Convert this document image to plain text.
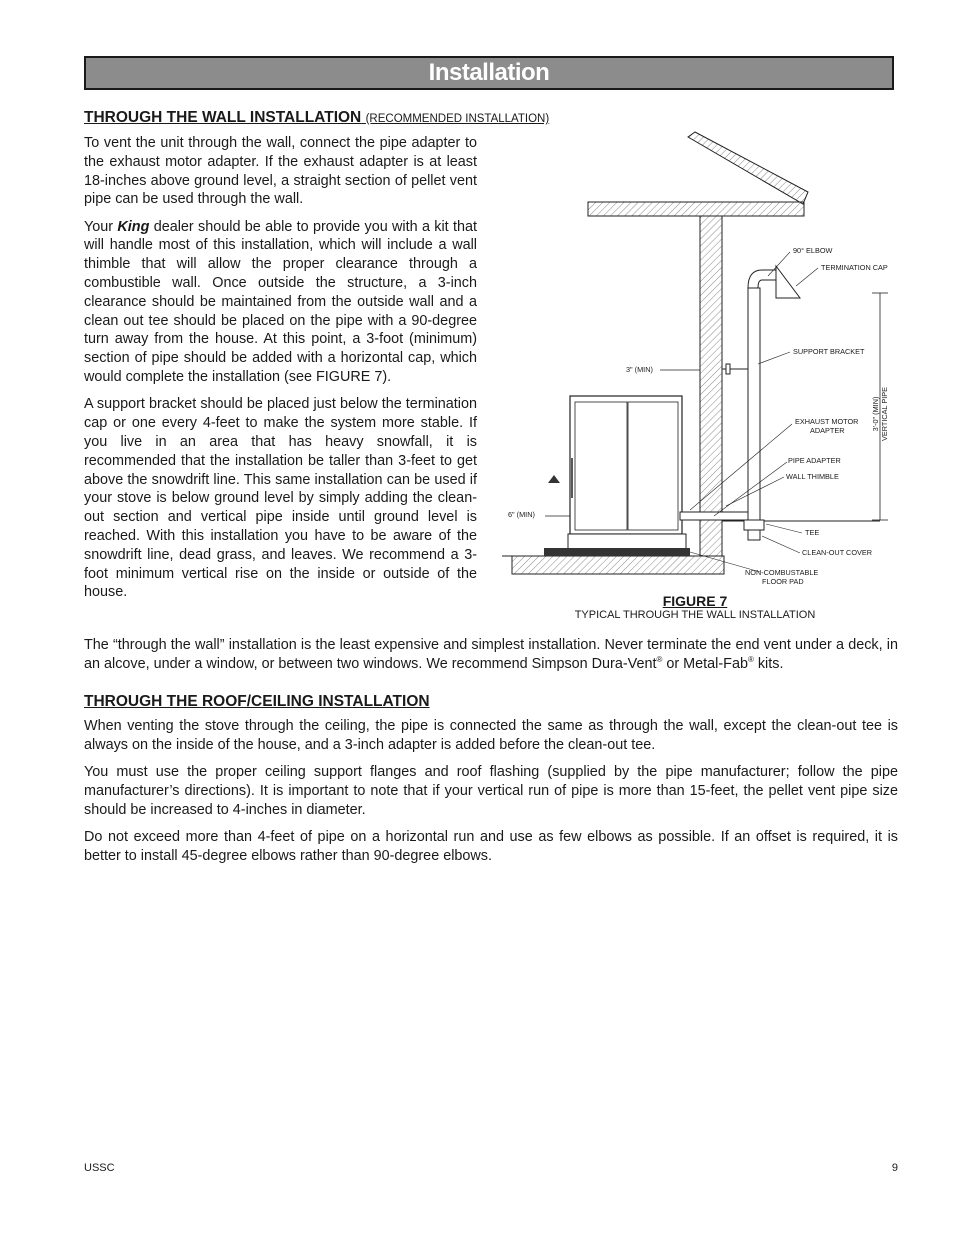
Installation
THROUGH THE WALL INSTALLATION (RECOMMENDED INSTALLATION)

To vent the unit through the wall, connect the pipe adapter to the exhaust motor adapter. If the exhaust adapter is at least 18-inches above ground level, a straight section of pellet vent pipe can be used through the wall.

Your King dealer should be able to provide you with a kit that will handle most of this installation, which will include a wall thimble that will allow the proper clearance through a combustible wall. Once outside the structure, a 3-inch clearance should be maintained from the outside wall and a clean out tee should be placed on the pipe with a 90-degree turn away from the house. At this point, a 3-foot (minimum) section of pipe should be added with a horizontal cap, which would complete the installation (see FIGURE 7).

A support bracket should be placed just below the termination cap or one every 4-feet to make the system more stable. If you live in an area that has heavy snowfall, it is recommended that the installation be taller than 3-feet to get above the snowdrift line. This same installation can be used if your stove is below ground level by simply adding the clean-out section and vertical pipe inside until ground level is reached. With this installation you have to be aware of the snowdrift line, dead grass, and leaves. We recommend a 3-foot minimum vertical rise on the inside or outside of the house.

90° ELBOW
TERMINATION CAP
SUPPORT BRACKET
3" (MIN)
3'-0" (MIN) VERTICAL PIPE
EXHAUST MOTOR
ADAPTER
PIPE ADAPTER
WALL THIMBLE
6" (MIN)
TEE
CLEAN-OUT COVER
NON-COMBUSTABLE
FLOOR PAD
FIGURE 7
TYPICAL THROUGH THE WALL INSTALLATION

The “through the wall” installation is the least expensive and simplest installation. Never terminate the end vent under a deck, in an alcove, under a window, or between two windows. We recommend Simpson Dura-Vent® or Metal-Fab® kits.

THROUGH THE ROOF/CEILING INSTALLATION

When venting the stove through the ceiling, the pipe is connected the same as through the wall, except the clean-out tee is always on the inside of the house, and a 3-inch adapter is added before the clean-out tee.

You must use the proper ceiling support flanges and roof flashing (supplied by the pipe manufacturer; follow the pipe manufacturer’s directions). It is important to note that if your vertical run of pipe is more than 15-feet, the pellet vent pipe size should be increased to 4-inches in diameter.

Do not exceed more than 4-feet of pipe on a horizontal run and use as few elbows as possible. If an offset is required, it is better to install 45-degree elbows rather than 90-degree elbows.

USSC	9
